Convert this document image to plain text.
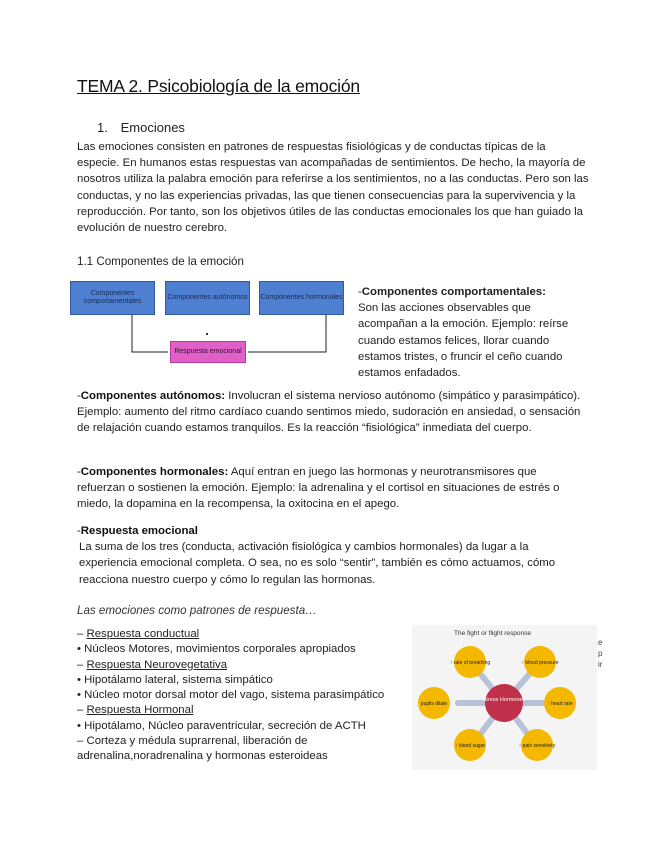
TEMA 2. Psicobiología de la emoción
1. Emociones
Las emociones consisten en patrones de respuestas fisiológicas y de conductas típicas de la especie. En humanos estas respuestas van acompañadas de sentimientos. De hecho, la mayoría de nosotros utiliza la palabra emoción para referirse a los sentimientos, no a las conductas. Pero son las conductas, y no las experiencias privadas, las que tienen consecuencias para la supervivencia y la reproducción. Por tanto, son los objetivos útiles de las conductas emocionales los que han guiado la evolución de nuestro cerebro.
1.1 Componentes de la emoción
Componentes comportamentales
Componentes autónomos	Componentes hormonales
Respuesta emocional
-Componentes comportamentales:
Son las acciones observables que acompañan a la emoción. Ejemplo: reírse cuando estamos felices, llorar cuando estamos tristes, o fruncir el ceño cuando estamos enfadados.
-Componentes autónomos: Involucran el sistema nervioso autónomo (simpático y parasimpático). Ejemplo: aumento del ritmo cardíaco cuando sentimos miedo, sudoración en ansiedad, o sensación de relajación cuando estamos tranquilos. Es la reacción “fisiológica” inmediata del cuerpo.
-Componentes hormonales: Aquí entran en juego las hormonas y neurotransmisores que refuerzan o sostienen la emoción. Ejemplo: la adrenalina y el cortisol en situaciones de estrés o miedo, la dopamina en la recompensa, la oxitocina en el apego.
-Respuesta emocional

La suma de los tres (conducta, activación fisiológica y cambios hormonales) da lugar a la experiencia emocional completa. O sea, no es solo “sentir”, también es cómo actuamos, cómo reacciona nuestro cuerpo y cómo lo regulan las hormonas.
Las emociones como patrones de respuesta…
– Respuesta conductual
• Núcleos Motores, movimientos corporales apropiados
– Respuesta Neurovegetativa
• Hipotálamo lateral, sistema simpático
• Núcleo motor dorsal motor del vago, sistema parasimpático
– Respuesta Hormonal
• Hipotálamo, Núcleo paraventricular, secreción de ACTH
– Corteza y médula suprarrenal, liberación de adrenalina,noradrenalina y hormonas esteroideas
The fight or flight response
Stress Hormones
↑ rate of breathing	↑ blood pressure
↑ heart rate
↑ pain sensitivity
↑ blood sugar
pupils dilate
e
p
ir
